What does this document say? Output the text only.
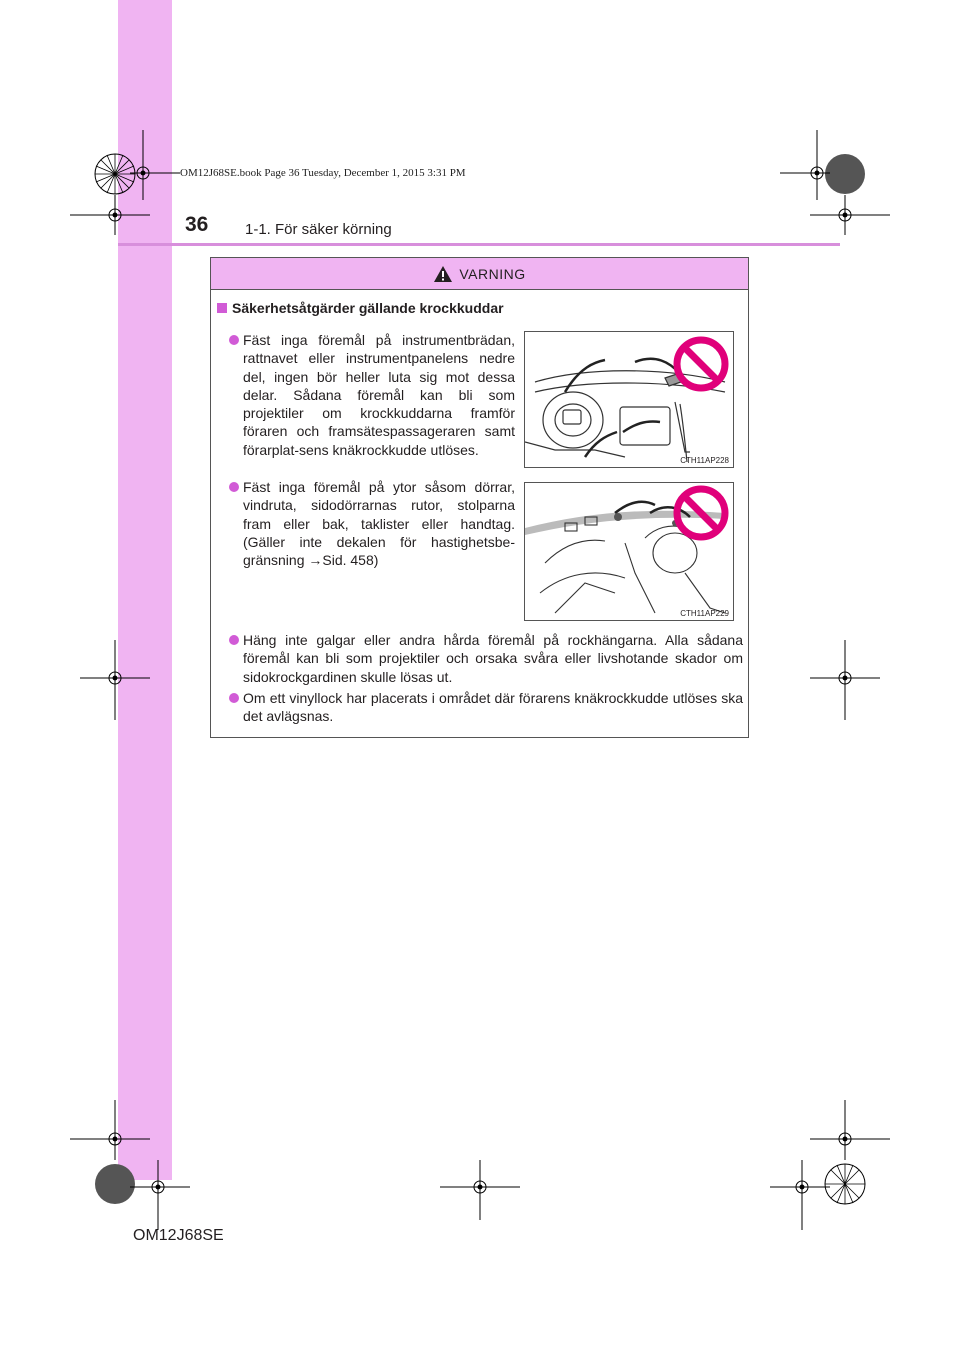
OM12J68SE.book Page 36 Tuesday, December 1, 2015 3:31 PM
36 1-1. För säker körning
VARNING
Säkerhetsåtgärder gällande krockkuddar
Fäst inga föremål på instrumentbrädan, rattnavet eller instrumentpanelens nedre del, ingen bör heller luta sig mot dessa delar. Sådana föremål kan bli som projektiler om krockkuddarna framför föraren och framsätespassageraren samt förarplat-sens knäkrockkudde utlöses.
CTH11AP228
Fäst inga föremål på ytor såsom dörrar, vindruta, sidodörrarnas rutor, stolparna fram eller bak, taklister eller handtag. (Gäller inte dekalen för hastighetsbe-gränsning →Sid. 458)
CTH11AP229
Häng inte galgar eller andra hårda föremål på rockhängarna. Alla sådana föremål kan bli som projektiler och orsaka svåra eller livshotande skador om sidokrockgardinen skulle lösas ut.
Om ett vinyllock har placerats i området där förarens knäkrockkudde utlöses ska det avlägsnas.
OM12J68SE
